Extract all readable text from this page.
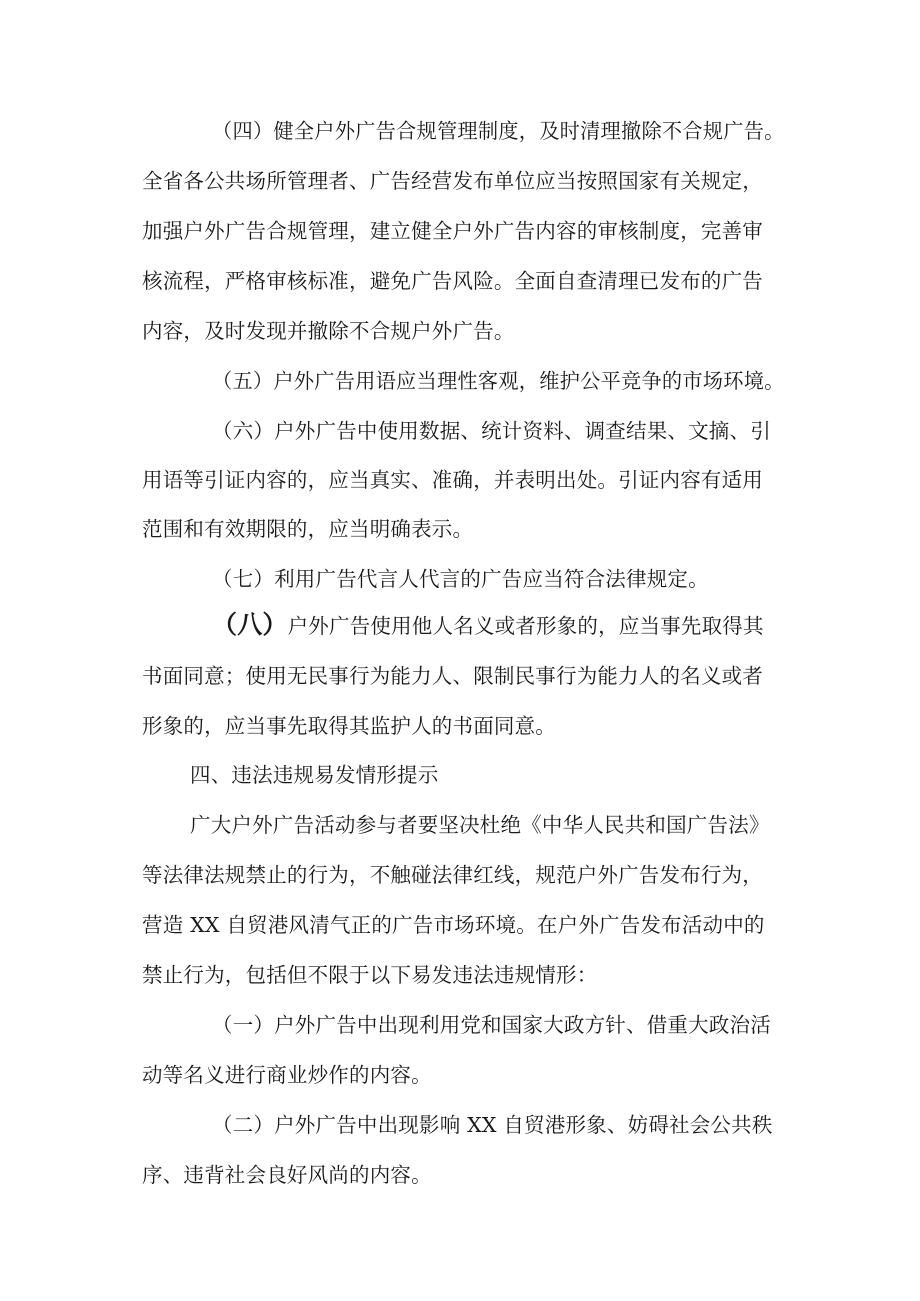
（四）健全户外广告合规管理制度，及时清理撤除不合规广告。
全省各公共场所管理者、广告经营发布单位应当按照国家有关规定，
加强户外广告合规管理，建立健全户外广告内容的审核制度，完善审
核流程，严格审核标准，避免广告风险。全面自查清理已发布的广告
内容，及时发现并撤除不合规户外广告。
（五）户外广告用语应当理性客观，维护公平竞争的市场环境。
（六）户外广告中使用数据、统计资料、调查结果、文摘、引
用语等引证内容的，应当真实、准确，并表明出处。引证内容有适用
范围和有效期限的，应当明确表示。
（七）利用广告代言人代言的广告应当符合法律规定。
（八）户外广告使用他人名义或者形象的，应当事先取得其
书面同意；使用无民事行为能力人、限制民事行为能力人的名义或者
形象的，应当事先取得其监护人的书面同意。
四、违法违规易发情形提示
广大户外广告活动参与者要坚决杜绝《中华人民共和国广告法》
等法律法规禁止的行为，不触碰法律红线，规范户外广告发布行为，
营造 XX 自贸港风清气正的广告市场环境。在户外广告发布活动中的
禁止行为，包括但不限于以下易发违法违规情形：
（一）户外广告中出现利用党和国家大政方针、借重大政治活
动等名义进行商业炒作的内容。
（二）户外广告中出现影响 XX 自贸港形象、妨碍社会公共秩
序、违背社会良好风尚的内容。
